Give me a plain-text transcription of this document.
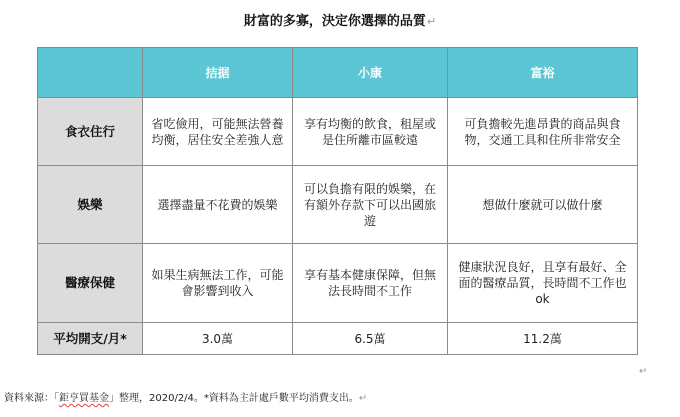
財富的多寡，決定你選擇的品質↵
	拮据	小康	富裕
食衣住行	省吃儉用，可能無法營養均衡，居住安全差強人意	享有均衡的飲食，租屋或是住所離市區較遠	可負擔較先進昂貴的商品與食物，交通工具和住所非常安全
娛樂	選擇盡量不花費的娛樂	可以負擔有限的娛樂，在有額外存款下可以出國旅遊	想做什麼就可以做什麼
醫療保健	如果生病無法工作，可能會影響到收入	享有基本健康保障，但無法長時間不工作	健康狀況良好，且享有最好、全面的醫療品質，長時間不工作也ok
平均開支/月*	3.0萬	6.5萬	11.2萬
↵
資料來源：「鉅亨買基金」整理，2020/2/4。*資料為主計處戶數平均消費支出。↵
